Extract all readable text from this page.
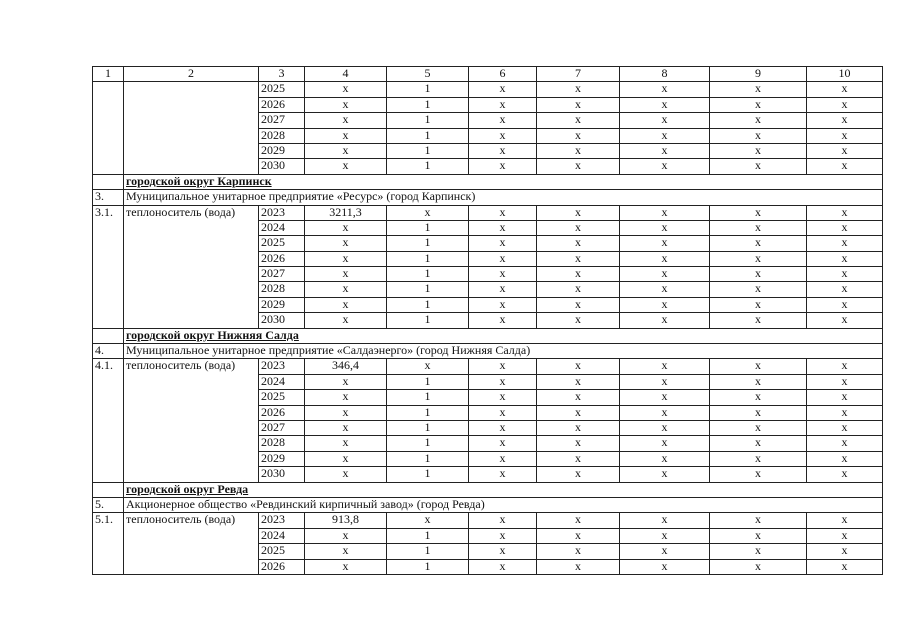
1	2	3	4	5	6	7	8	9	10
		2025	x	1	x	x	x	x	x
		2026	x	1	x	x	x	x	x
		2027	x	1	x	x	x	x	x
		2028	x	1	x	x	x	x	x
		2029	x	1	x	x	x	x	x
		2030	x	1	x	x	x	x	x
	городской округ Карпинск								
3.	Муниципальное унитарное предприятие «Ресурс» (город Карпинск)								
3.1.	теплоноситель (вода)	2023	3211,3	x	x	x	x	x	x
		2024	x	1	x	x	x	x	x
		2025	x	1	x	x	x	x	x
		2026	x	1	x	x	x	x	x
		2027	x	1	x	x	x	x	x
		2028	x	1	x	x	x	x	x
		2029	x	1	x	x	x	x	x
		2030	x	1	x	x	x	x	x
	городской округ Нижняя Салда								
4.	Муниципальное унитарное предприятие «Салдаэнерго» (город Нижняя Салда)								
4.1.	теплоноситель (вода)	2023	346,4	x	x	x	x	x	x
		2024	x	1	x	x	x	x	x
		2025	x	1	x	x	x	x	x
		2026	x	1	x	x	x	x	x
		2027	x	1	x	x	x	x	x
		2028	x	1	x	x	x	x	x
		2029	x	1	x	x	x	x	x
		2030	x	1	x	x	x	x	x
	городской округ Ревда								
5.	Акционерное общество «Ревдинский кирпичный завод» (город Ревда)								
5.1.	теплоноситель (вода)	2023	913,8	x	x	x	x	x	x
		2024	x	1	x	x	x	x	x
		2025	x	1	x	x	x	x	x
		2026	x	1	x	x	x	x	x
